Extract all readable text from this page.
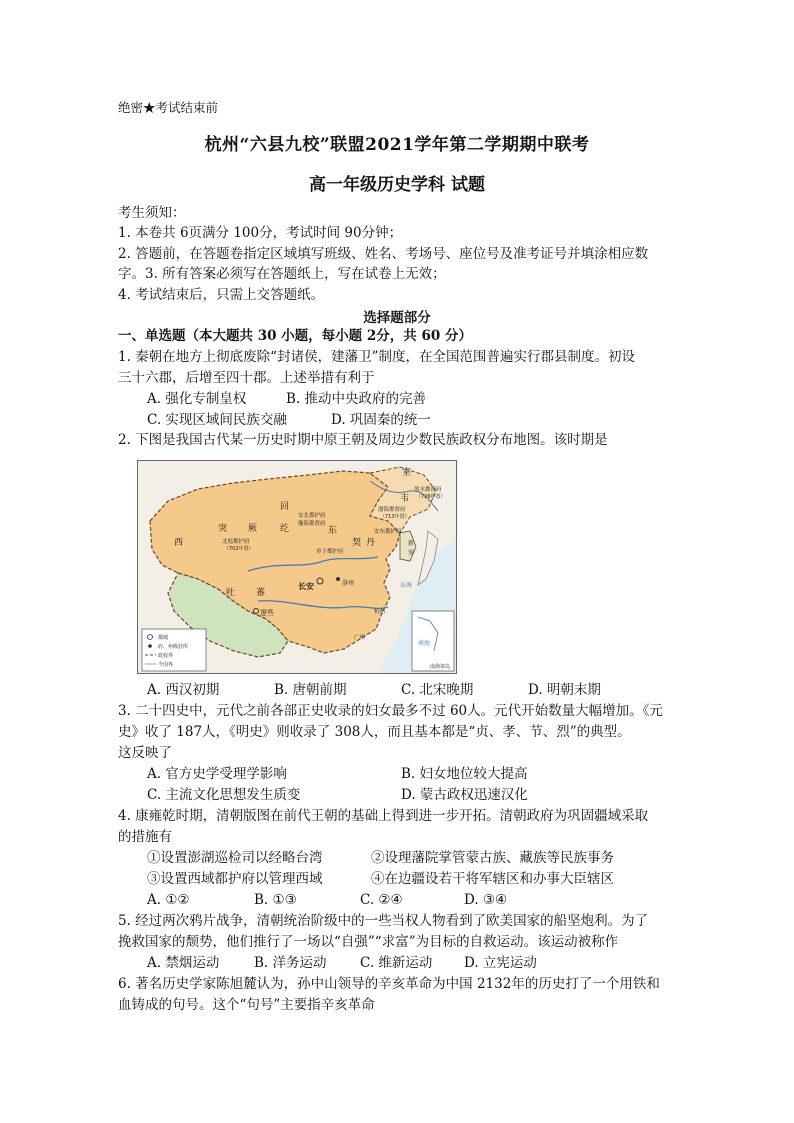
绝密★考试结束前
杭州“六县九校”联盟2021学年第二学期期中联考
高一年级历史学科 试题
考生须知：
1. 本卷共 6页满分 100分，考试时间 90分钟；
2. 答题前，在答题卷指定区域填写班级、姓名、考场号、座位号及准考证号并填涂相应数
字。3. 所有答案必须写在答题纸上，写在试卷上无效；
4. 考试结束后，只需上交答题纸。
选择题部分
一、单选题（本大题共 30 小题，每小题 2分，共 60 分）
1. 秦朝在地方上彻底废除“封诸侯，建藩卫”制度，在全国范围普遍实行郡县制度。初设
三十六郡，后增至四十郡。上述举措有利于
A. 强化专制皇权	B. 推动中央政府的完善
C. 实现区域间民族交融	D. 巩固秦的统一
2. 下图是我国古代某一历史时期中原王朝及周边少数民族政权分布地图。该时期是
室
韦
黑水都督府
（726年置）
回
纥
安北都护府
瀚海都督府
突 厥	东
北庭都护府
（702年置）
西
单于都护府
契 丹
渤海都督府
（713年置）
安东都护府
新
罗
长安	洛州
吐 蕃
逻些	杭州
广州
南海诸岛
都城
府、州级驻所
政权界
今国界
东海
南海
A. 西汉初期	B. 唐朝前期	C. 北宋晚期	D. 明朝末期
3. 二十四史中，元代之前各部正史收录的妇女最多不过 60人。元代开始数量大幅增加。《元
史》收了 187人，《明史》则收录了 308人，而且基本都是“贞、孝、节、烈”的典型。
这反映了
A. 官方史学受理学影响	B. 妇女地位较大提高
C. 主流文化思想发生质变	D. 蒙古政权迅速汉化
4. 康雍乾时期，清朝版图在前代王朝的基础上得到进一步开拓。清朝政府为巩固疆域采取
的措施有
①设置澎湖巡检司以经略台湾	②设理藩院掌管蒙古族、藏族等民族事务
③设置西域都护府以管理西域	④在边疆设若干将军辖区和办事大臣辖区
A. ①②	B. ①③	C. ②④	D. ③④
5. 经过两次鸦片战争，清朝统治阶级中的一些当权人物看到了欧美国家的船坚炮利。为了
挽救国家的颓势，他们推行了一场以“自强”“求富”为目标的自救运动。该运动被称作
A. 禁烟运动	B. 洋务运动 C. 维新运动 D. 立宪运动
6. 著名历史学家陈旭麓认为，孙中山领导的辛亥革命为中国 2132年的历史打了一个用铁和
血铸成的句号。这个“句号”主要指辛亥革命
